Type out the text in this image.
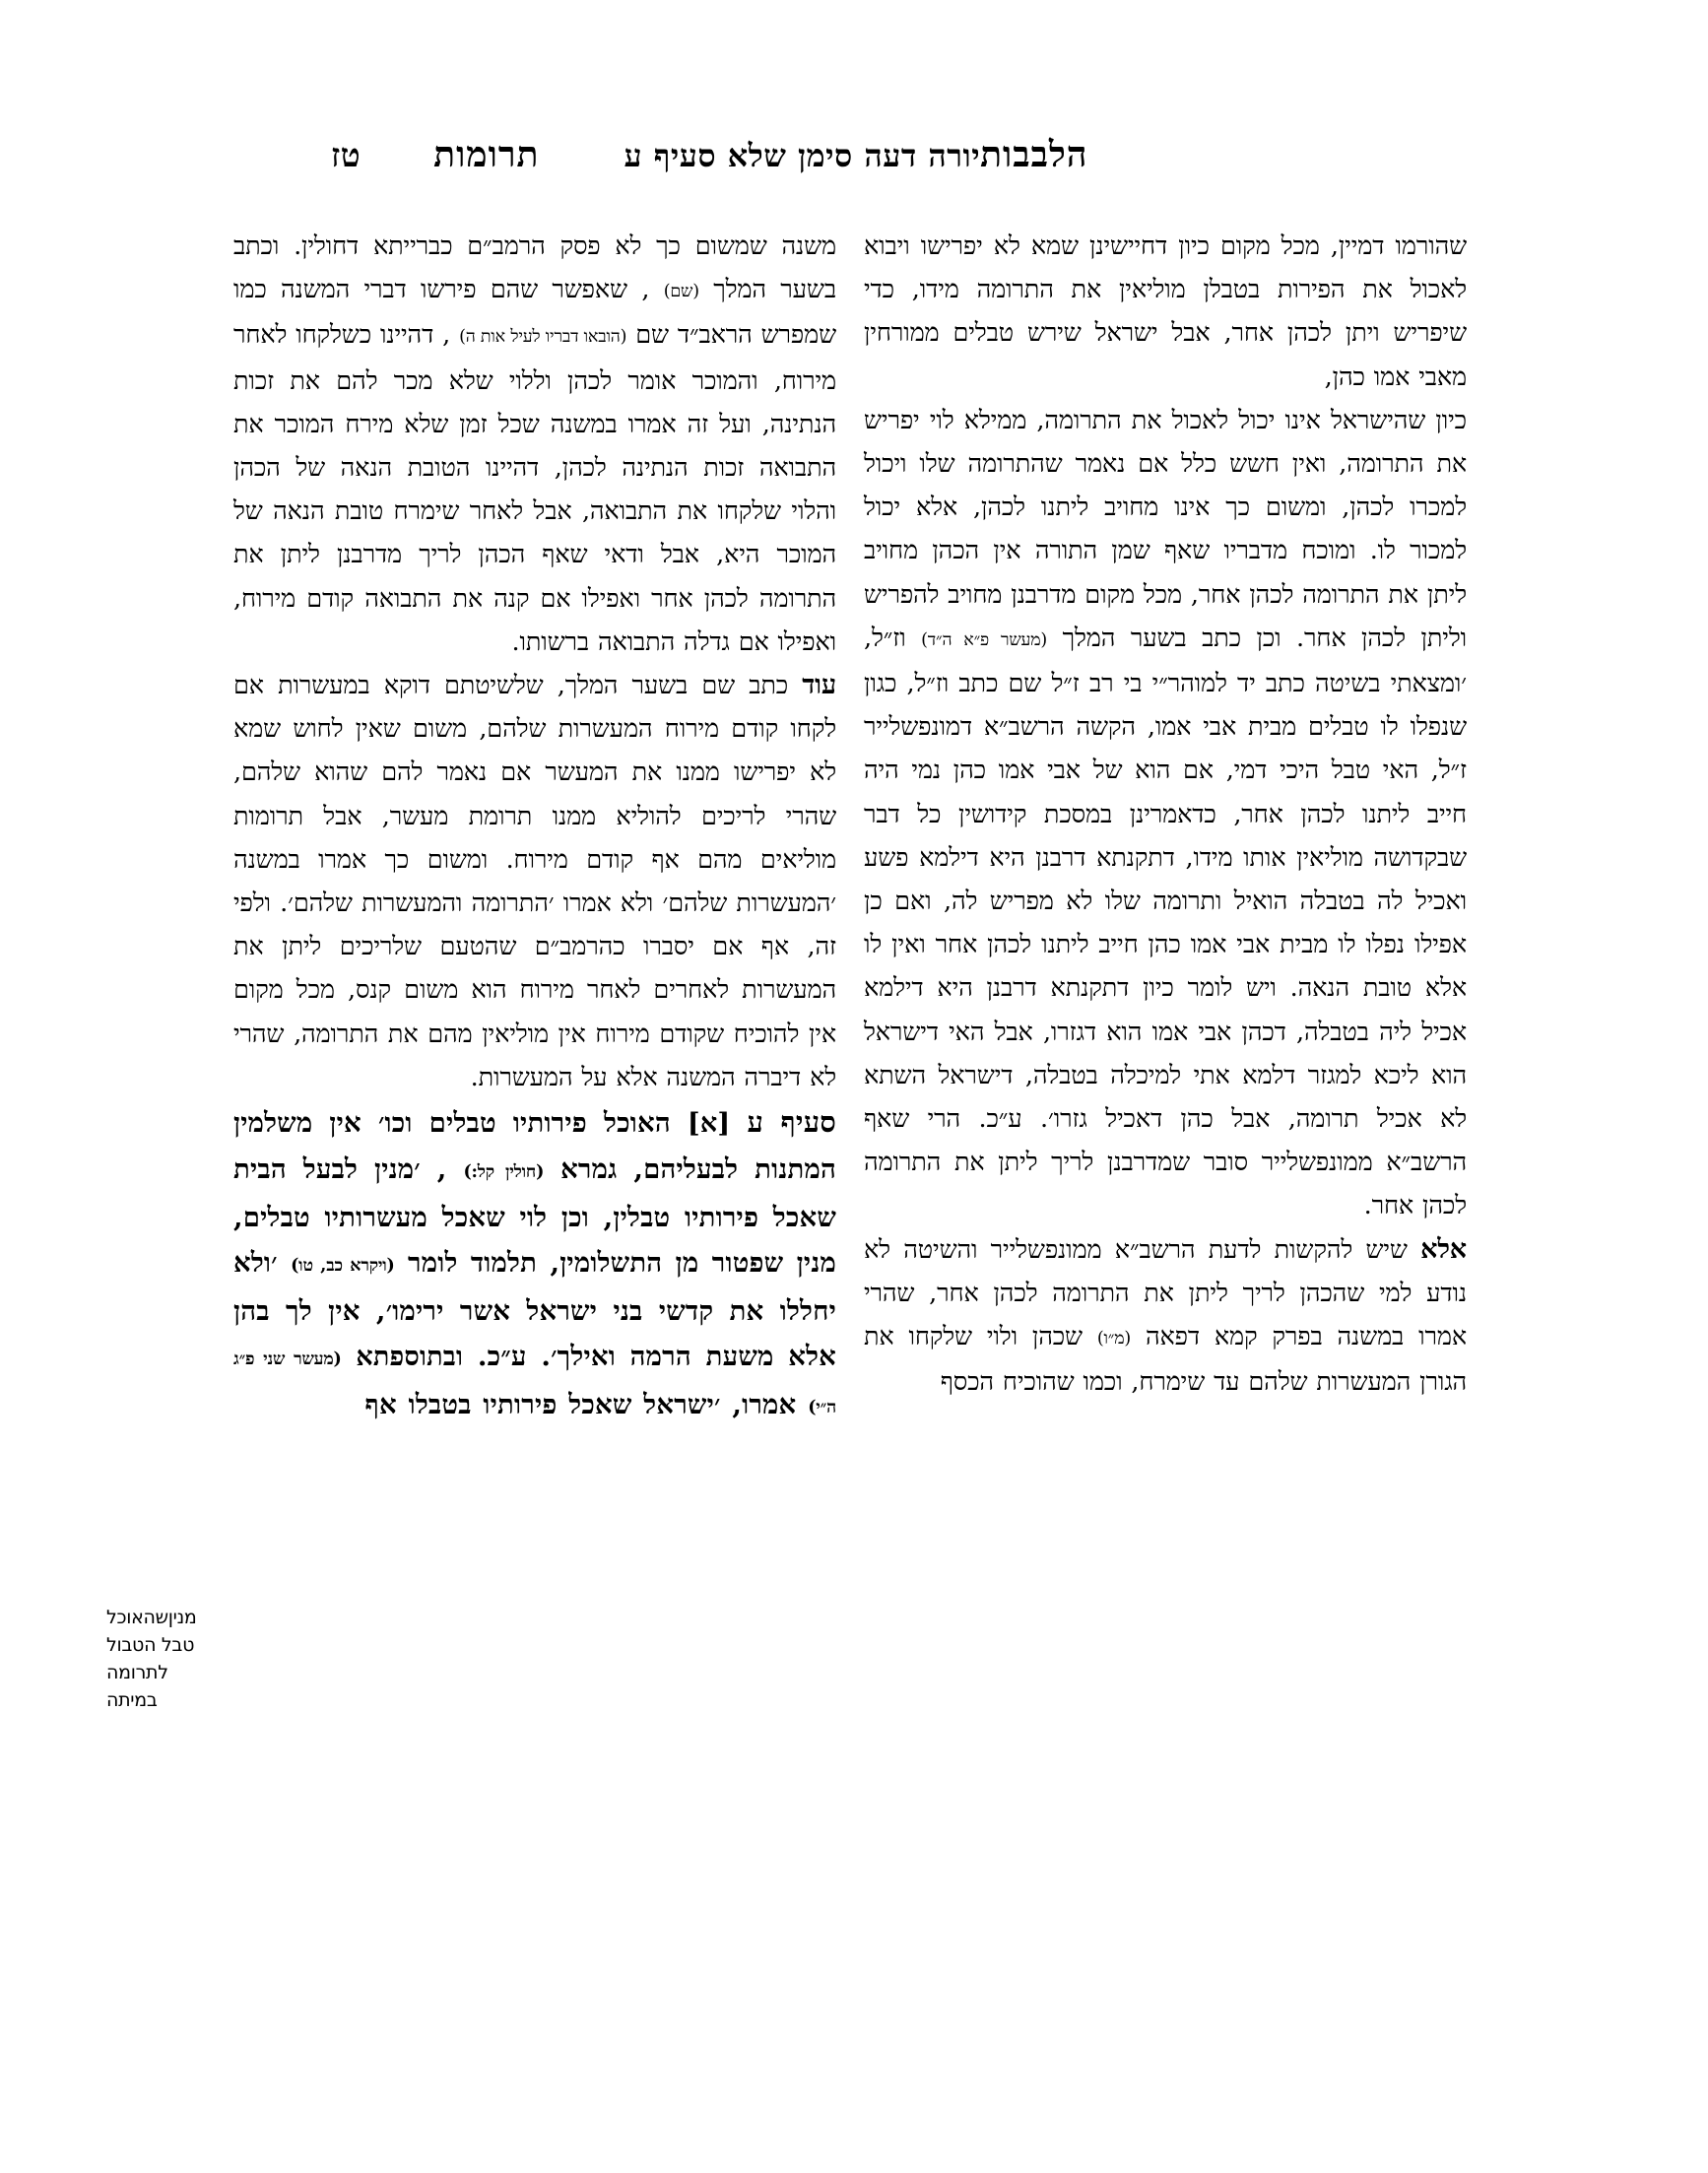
טז תרומות	יורה דעה סימן שלא סעיף ע הלבבות

שהורמו דמיין, מכל מקום כיון דחיישינן שמא לא יפרישו ויבוא לאכול את הפירות בטבלן מוליאין את התרומה מידו, כדי שיפריש ויתן לכהן אחר, אבל ישראל שירש טבלים ממורחין מאבי אמו כהן,

כיון שהישראל אינו יכול לאכול את התרומה, ממילא לוי יפריש את התרומה, ואין חשש כלל אם נאמר שהתרומה שלו ויכול למכרו לכהן, ומשום כך אינו מחויב ליתנו לכהן, אלא יכול למכור לו. ומוכח מדבריו שאף שמן התורה אין הכהן מחויב ליתן את התרומה לכהן אחר, מכל מקום מדרבנן מחויב להפריש וליתן לכהן אחר. וכן כתב בשער המלך (מעשר פ״א ה״ד) וז״ל, ׳ומצאתי בשיטה כתב יד למוהר״י בי רב ז״ל שם כתב וז״ל, כגון שנפלו לו טבלים מבית אבי אמו, הקשה הרשב״א דמונפשלייר ז״ל, האי טבל היכי דמי, אם הוא של אבי אמו כהן נמי היה חייב ליתנו לכהן אחר, כדאמרינן במסכת קידושין כל דבר שבקדושה מוליאין אותו מידו, דתקנתא דרבנן היא דילמא פשע ואכיל לה בטבלה הואיל ותרומה שלו לא מפריש לה, ואם כן אפילו נפלו לו מבית אבי אמו כהן חייב ליתנו לכהן אחר ואין לו אלא טובת הנאה. ויש לומר כיון דתקנתא דרבנן היא דילמא אכיל ליה בטבלה, דכהן אבי אמו הוא דגזרו, אבל האי דישראל הוא ליכא למגזר דלמא אתי למיכלה בטבלה, דישראל השתא לא אכיל תרומה, אבל כהן דאכיל גזרו׳. ע״כ. הרי שאף הרשב״א ממונפשלייר סובר שמדרבנן לריך ליתן את התרומה לכהן אחר.

אלא שיש להקשות לדעת הרשב״א ממונפשלייר והשיטה לא נודע למי שהכהן לריך ליתן את התרומה לכהן אחר, שהרי אמרו במשנה בפרק קמא דפאה (מ״ו) שכהן ולוי שלקחו את הגורן המעשרות שלהם עד שימרח, וכמו שהוכיח הכסף

משנה שמשום כך לא פסק הרמב״ם כברייתא דחולין. וכתב בשער המלך (שם) , שאפשר שהם פירשו דברי המשנה כמו שמפרש הראב״ד שם (הובאו דבריו לעיל אות ה) , דהיינו כשלקחו לאחר מירוח, והמוכר אומר לכהן וללוי שלא מכר להם את זכות הנתינה, ועל זה אמרו במשנה שכל זמן שלא מירח המוכר את התבואה זכות הנתינה לכהן, דהיינו הטובת הנאה של הכהן והלוי שלקחו את התבואה, אבל לאחר שימרח טובת הנאה של המוכר היא, אבל ודאי שאף הכהן לריך מדרבנן ליתן את התרומה לכהן אחר ואפילו אם קנה את התבואה קודם מירוח, ואפילו אם גדלה התבואה ברשותו.

עוד כתב שם בשער המלך, שלשיטתם דוקא במעשרות אם לקחו קודם מירוח המעשרות שלהם, משום שאין לחוש שמא לא יפרישו ממנו את המעשר אם נאמר להם שהוא שלהם, שהרי לריכים להוליא ממנו תרומת מעשר, אבל תרומות מוליאים מהם אף קודם מירוח. ומשום כך אמרו במשנה ׳המעשרות שלהם׳ ולא אמרו ׳התרומה והמעשרות שלהם׳. ולפי זה, אף אם יסברו כהרמב״ם שהטעם שלריכים ליתן את המעשרות לאחרים לאחר מירוח הוא משום קנס, מכל מקום אין להוכיח שקודם מירוח אין מוליאין מהם את התרומה, שהרי לא דיברה המשנה אלא על המעשרות.

סעיף ע [א] האוכל פירותיו טבלים וכו׳ אין משלמין המתנות לבעליהם, גמרא (חולין קל:) , ׳מנין לבעל הבית שאכל פירותיו טבלין, וכן לוי שאכל מעשרותיו טבלים, מנין שפטור מן התשלומין, תלמוד לומר (ויקרא כב, טו) ׳ולא יחללו את קדשי בני ישראל אשר ירימו׳, אין לך בהן אלא משעת הרמה ואילך׳. ע״כ. ובתוספתא (מעשר שני פ״ג ה״י) אמרו, ׳ישראל שאכל פירותיו בטבלו אף

מניןשהאוכל
טבל הטבול
לתרומה
במיתה
